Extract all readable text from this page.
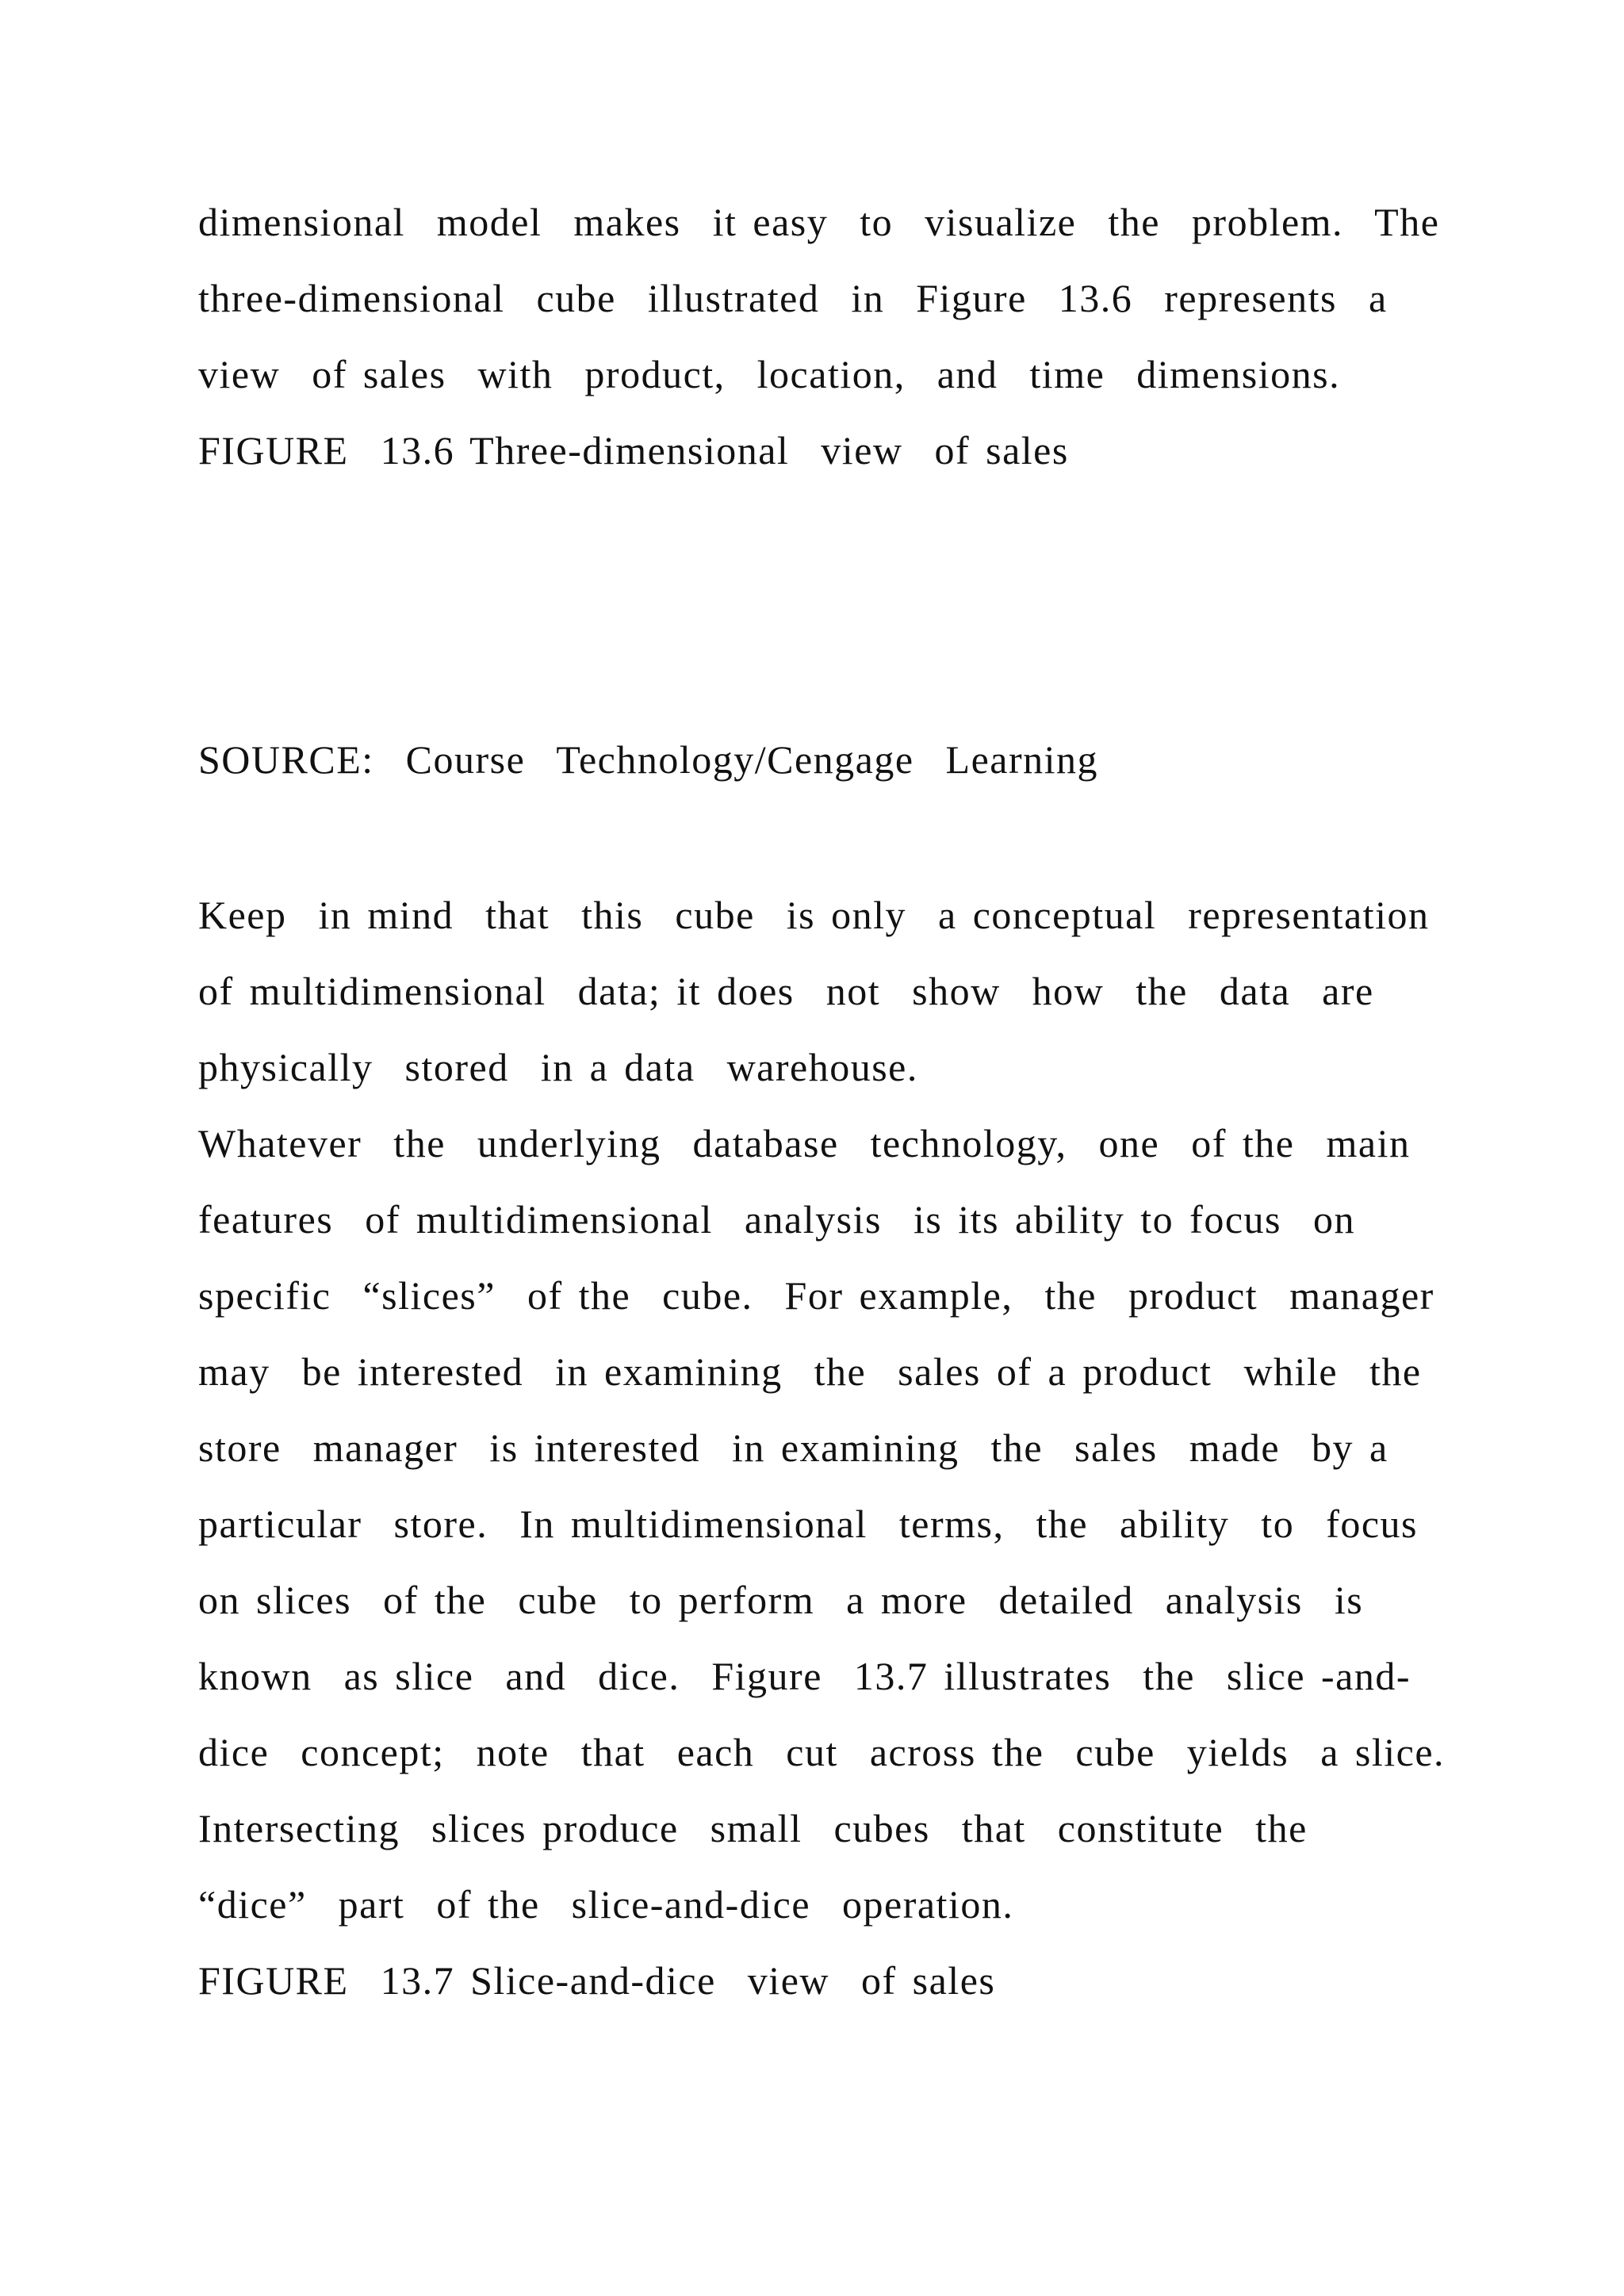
dimensional  model  makes  it easy  to  visualize  the  problem.  The
three-dimensional  cube  illustrated  in  Figure  13.6  represents  a
view  of sales  with  product,  location,  and  time  dimensions.
FIGURE  13.6 Three-dimensional  view  of sales
SOURCE:  Course  Technology/Cengage  Learning
Keep  in mind  that  this  cube  is only  a conceptual  representation
of multidimensional  data; it does  not  show  how  the  data  are
physically  stored  in a data  warehouse.
Whatever  the  underlying  database  technology,  one  of the  main
features  of multidimensional  analysis  is its ability to focus  on
specific  “slices”  of the  cube.  For example,  the  product  manager
may  be interested  in examining  the  sales of a product  while  the
store  manager  is interested  in examining  the  sales  made  by a
particular  store.  In multidimensional  terms,  the  ability  to  focus
on slices  of the  cube  to perform  a more  detailed  analysis  is
known  as slice  and  dice.  Figure  13.7 illustrates  the  slice -and-
dice  concept;  note  that  each  cut  across the  cube  yields  a slice.
Intersecting  slices produce  small  cubes  that  constitute  the
“dice”  part  of the  slice-and-dice  operation.
FIGURE  13.7 Slice-and-dice  view  of sales
